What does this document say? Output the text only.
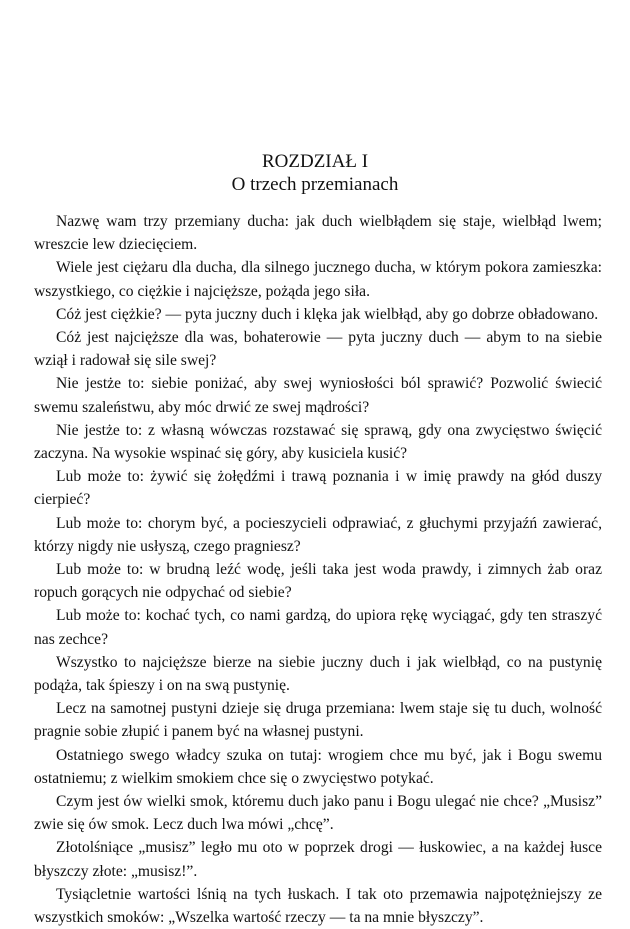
ROZDZIAŁ I
O trzech przemianach

Nazwę wam trzy przemiany ducha: jak duch wielbłądem się staje, wielbłąd lwem; wreszcie lew dziecięciem.

Wiele jest ciężaru dla ducha, dla silnego jucznego ducha, w którym pokora zamieszka: wszystkiego, co ciężkie i najcięższe, pożąda jego siła.

Cóż jest ciężkie? — pyta juczny duch i klęka jak wielbłąd, aby go dobrze obładowano.

Cóż jest najcięższe dla was, bohaterowie — pyta juczny duch — abym to na siebie wziął i radował się sile swej?

Nie jestże to: siebie poniżać, aby swej wyniosłości ból sprawić? Pozwolić świecić swemu szaleństwu, aby móc drwić ze swej mądrości?

Nie jestże to: z własną wówczas rozstawać się sprawą, gdy ona zwycięstwo święcić zaczyna. Na wysokie wspinać się góry, aby kusiciela kusić?

Lub może to: żywić się żołędźmi i trawą poznania i w imię prawdy na głód duszy cierpieć?

Lub może to: chorym być, a pocieszycieli odprawiać, z głuchymi przyjaźń zawierać, którzy nigdy nie usłyszą, czego pragniesz?

Lub może to: w brudną leźć wodę, jeśli taka jest woda prawdy, i zimnych żab oraz ropuch gorących nie odpychać od siebie?

Lub może to: kochać tych, co nami gardzą, do upiora rękę wyciągać, gdy ten straszyć nas zechce?

Wszystko to najcięższe bierze na siebie juczny duch i jak wielbłąd, co na pustynię podąża, tak śpieszy i on na swą pustynię.

Lecz na samotnej pustyni dzieje się druga przemiana: lwem staje się tu duch, wolność pragnie sobie złupić i panem być na własnej pustyni.

Ostatniego swego władcy szuka on tutaj: wrogiem chce mu być, jak i Bogu swemu ostatniemu; z wielkim smokiem chce się o zwycięstwo potykać.

Czym jest ów wielki smok, któremu duch jako panu i Bogu ulegać nie chce? „Musisz” zwie się ów smok. Lecz duch lwa mówi „chcę”.

Złotolśniące „musisz” legło mu oto w poprzek drogi — łuskowiec, a na każdej łusce błyszczy złote: „musisz!”.

Tysiącletnie wartości lśnią na tych łuskach. I tak oto przemawia najpotężniejszy ze wszystkich smoków: „Wszelka wartość rzeczy — ta na mnie błyszczy”.
